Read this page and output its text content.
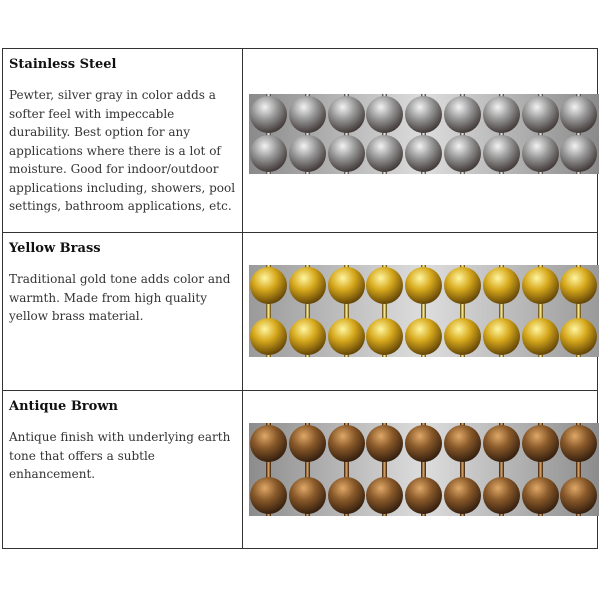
Stainless Steel

Pewter, silver gray in color adds a softer feel with impeccable durability. Best option for any applications where there is a lot of moisture. Good for indoor/outdoor applications including, showers, pool settings, bathroom applications, etc.	

Yellow Brass

Traditional gold tone adds color and warmth. Made from high quality yellow brass material.	

Antique Brown

Antique finish with underlying earth tone that offers a subtle enhancement.	
